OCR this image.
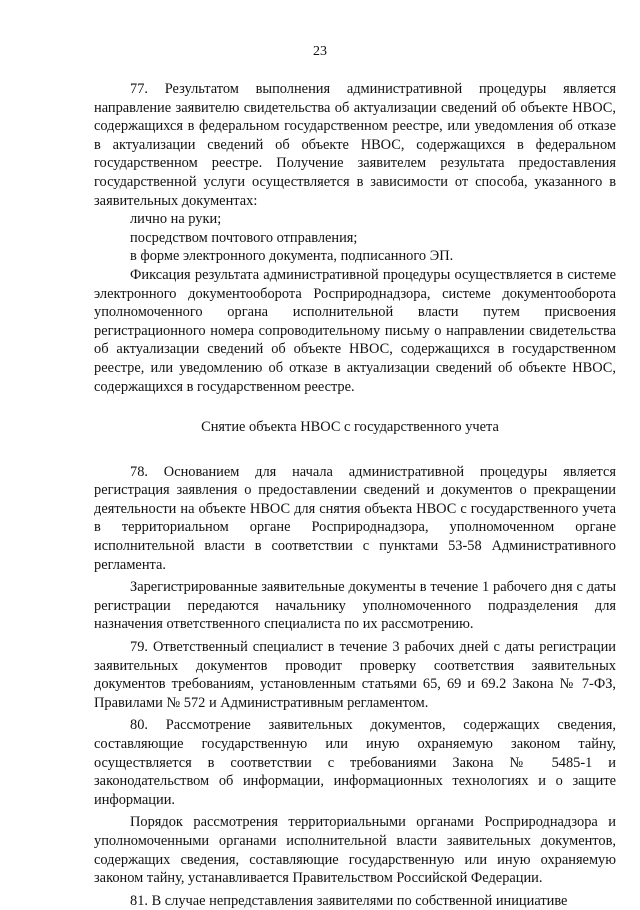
23

77. Результатом выполнения административной процедуры является направление заявителю свидетельства об актуализации сведений об объекте НВОС, содержащихся в федеральном государственном реестре, или уведомления об отказе в актуализации сведений об объекте НВОС, содержащихся в федеральном государственном реестре. Получение заявителем результата предоставления государственной услуги осуществляется в зависимости от способа, указанного в заявительных документах:

лично на руки;

посредством почтового отправления;

в форме электронного документа, подписанного ЭП.

Фиксация результата административной процедуры осуществляется в системе электронного документооборота Росприроднадзора, системе документооборота уполномоченного органа исполнительной власти путем присвоения регистрационного номера сопроводительному письму о направлении свидетельства об актуализации сведений об объекте НВОС, содержащихся в государственном реестре, или уведомлению об отказе в актуализации сведений об объекте НВОС, содержащихся в государственном реестре.

Снятие объекта НВОС с государственного учета

78. Основанием для начала административной процедуры является регистрация заявления о предоставлении сведений и документов о прекращении деятельности на объекте НВОС для снятия объекта НВОС с государственного учета в территориальном органе Росприроднадзора, уполномоченном органе исполнительной власти в соответствии с пунктами 53-58 Административного регламента.

Зарегистрированные заявительные документы в течение 1 рабочего дня с даты регистрации передаются начальнику уполномоченного подразделения для назначения ответственного специалиста по их рассмотрению.

79. Ответственный специалист в течение 3 рабочих дней с даты регистрации заявительных документов проводит проверку соответствия заявительных документов требованиям, установленным статьями 65, 69 и 69.2 Закона № 7-ФЗ, Правилами № 572 и Административным регламентом.

80. Рассмотрение заявительных документов, содержащих сведения, составляющие государственную или иную охраняемую законом тайну, осуществляется в соответствии с требованиями Закона № 5485-1 и законодательством об информации, информационных технологиях и о защите информации.

Порядок рассмотрения территориальными органами Росприроднадзора и уполномоченными органами исполнительной власти заявительных документов, содержащих сведения, составляющие государственную или иную охраняемую законом тайну, устанавливается Правительством Российской Федерации.

81. В случае непредставления заявителями по собственной инициативе
